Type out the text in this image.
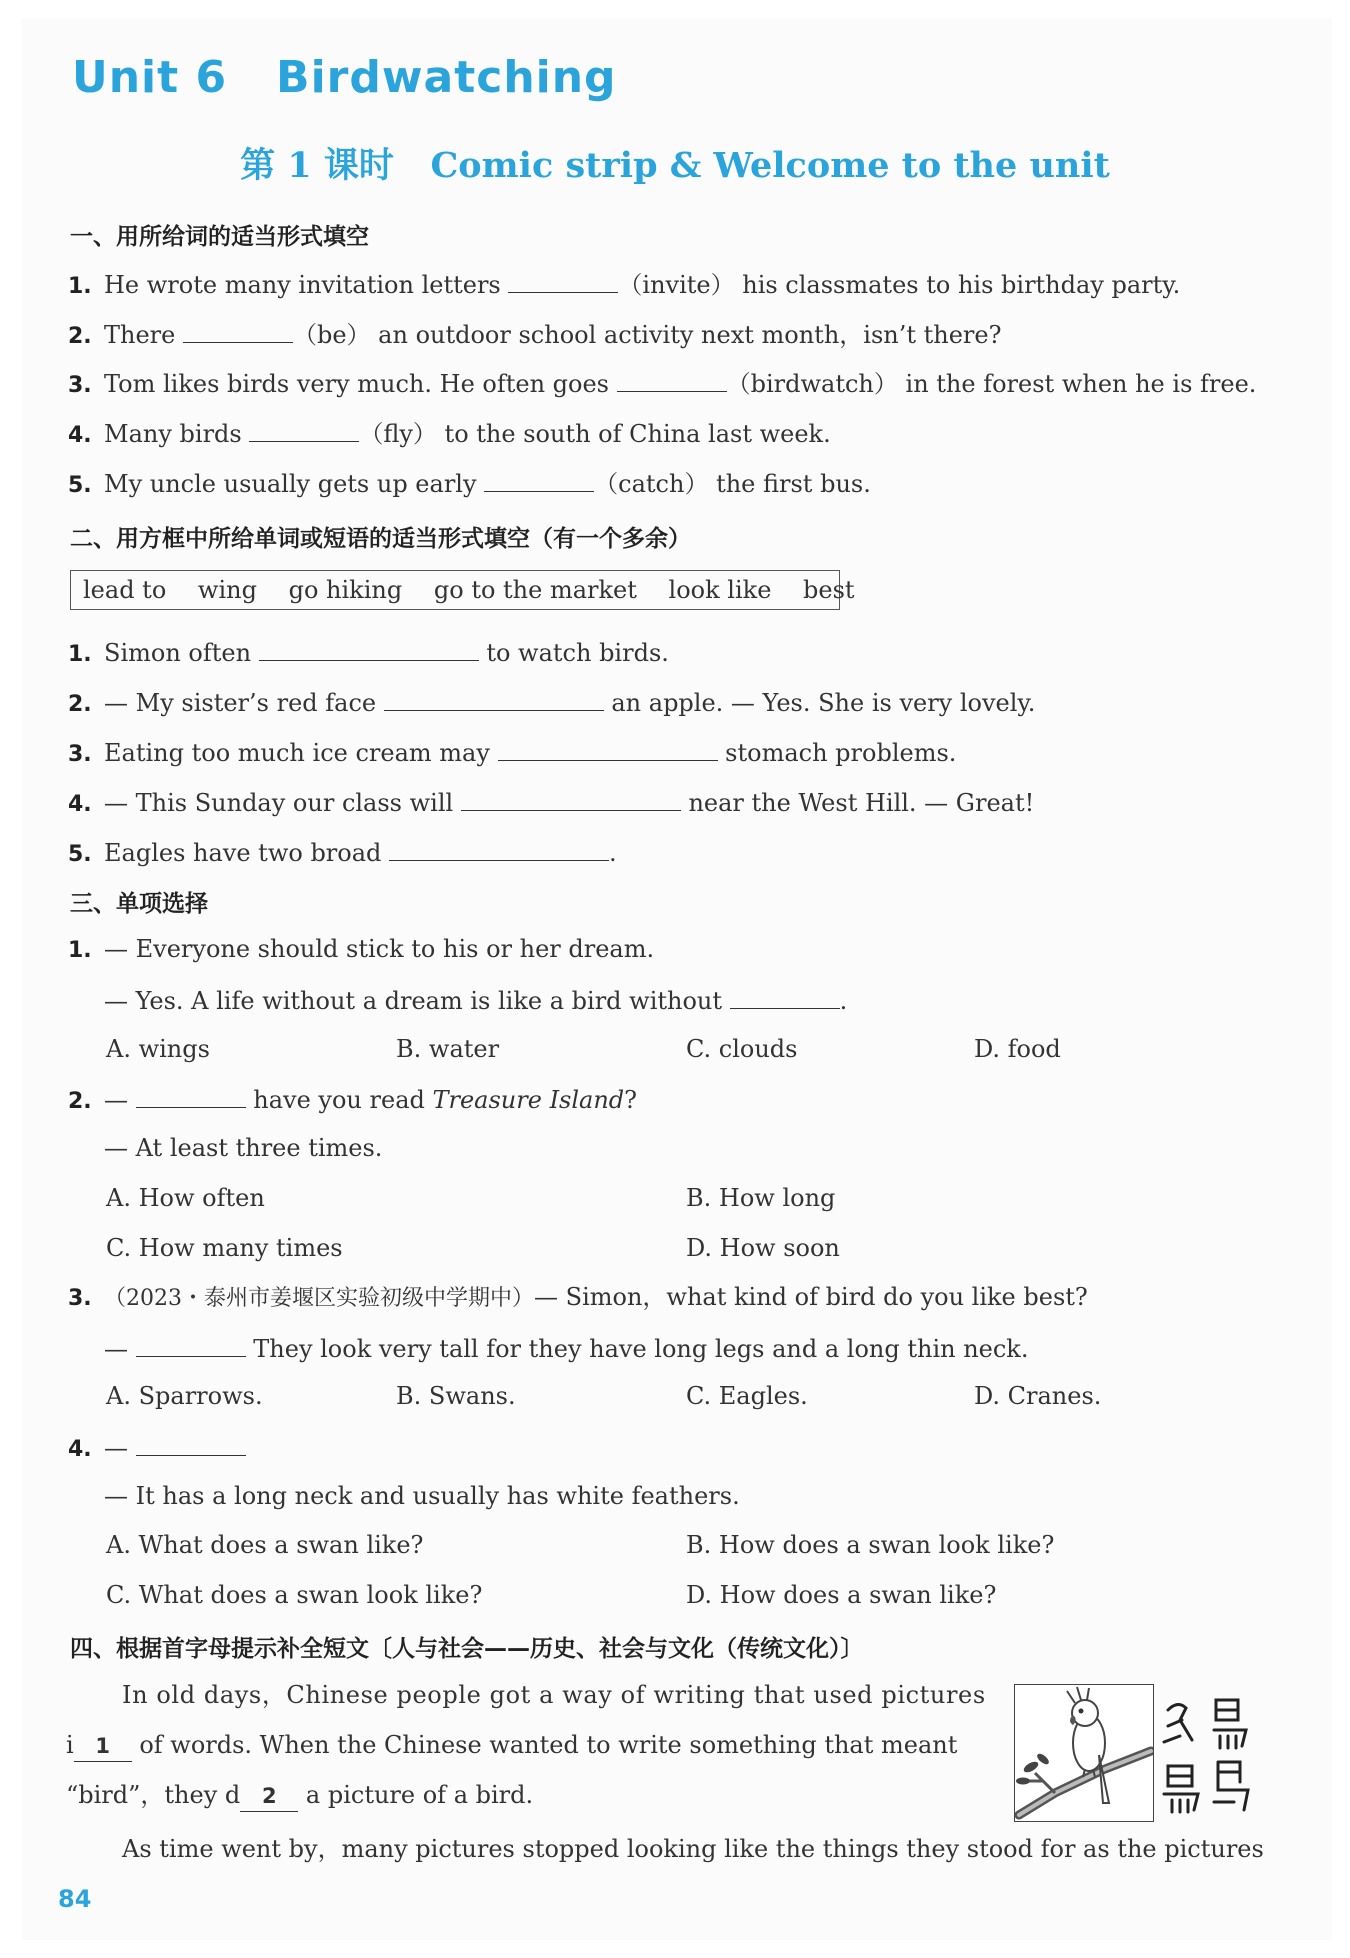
Unit 6   Birdwatching
第 1 课时   Comic strip & Welcome to the unit
一、用所给词的适当形式填空
1. He wrote many invitation letters	（invite） his classmates to his birthday party.
2. There	（be） an outdoor school activity next month，isn’t there?
3. Tom likes birds very much. He often goes	（birdwatch） in the forest when he is free.
4. Many birds	（fly） to the south of China last week.
5. My uncle usually gets up early	（catch） the first bus.
二、用方框中所给单词或短语的适当形式填空（有一个多余）
lead to wing go hiking go to the market look like best
1. Simon often	to watch birds.
2. — My sister’s red face	an apple. — Yes. She is very lovely.
3. Eating too much ice cream may	stomach problems.
4. — This Sunday our class will	near the West Hill. — Great!
5. Eagles have two broad	.
三、单项选择
1. — Everyone should stick to his or her dream.
— Yes. A life without a dream is like a bird without	.
A. wings	B. water	C. clouds	D. food
2. —	have you read Treasure Island?
— At least three times.
A. How often	B. How long
C. How many times	D. How soon
3. （2023・泰州市姜堰区实验初级中学期中）— Simon，what kind of bird do you like best?
—	They look very tall for they have long legs and a long thin neck.
A. Sparrows.	B. Swans.	C. Eagles.	D. Cranes.
4. —
— It has a long neck and usually has white feathers.
A. What does a swan like?	B. How does a swan look like?
C. What does a swan look like?	D. How does a swan like?
四、根据首字母提示补全短文〔人与社会——历史、社会与文化（传统文化）〕
In old days，Chinese people got a way of writing that used pictures
i 1 of words. When the Chinese wanted to write something that meant
“bird”，they d 2 a picture of a bird.
As time went by，many pictures stopped looking like the things they stood for as the pictures
84
